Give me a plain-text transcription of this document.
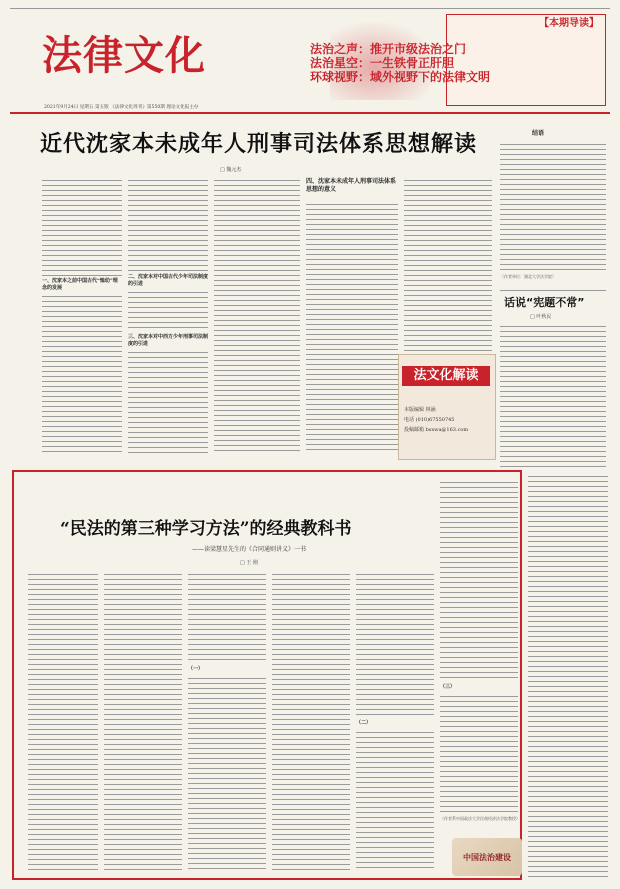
法律文化
2021年9月24日 星期五 第五版 《法律文化周刊》第550期 理论文化报主办
【本期导读】
法治之声：推开市级法治之门
法治星空：一生铁骨正肝胆
环球视野：域外视野下的法律文明
近代沈家本未成年人刑事司法体系思想解读
□ 魏元杰
一、沈家本之前中国古代“恤幼”理念的发展
二、沈家本对中国古代少年司法制度的引进
三、沈家本对中西方少年刑事司法制度的引进
四、沈家本未成年人刑事司法体系思想的意义
结语
（作者单位：湖北大学法学院）
话说“宪题不常”
□ 叶秋民
法文化解读
本版编辑 林涵
电话 (010)67550745
投稿邮箱 bsxwa@163.com
“民法的第三种学习方法”的经典教科书
——读梁慧星先生的《合同通则讲义》一书
□ 王 刚
（一）
（二）
（三）
（作者系中国政法大学民商经济法学院教授）
中国法治建设
